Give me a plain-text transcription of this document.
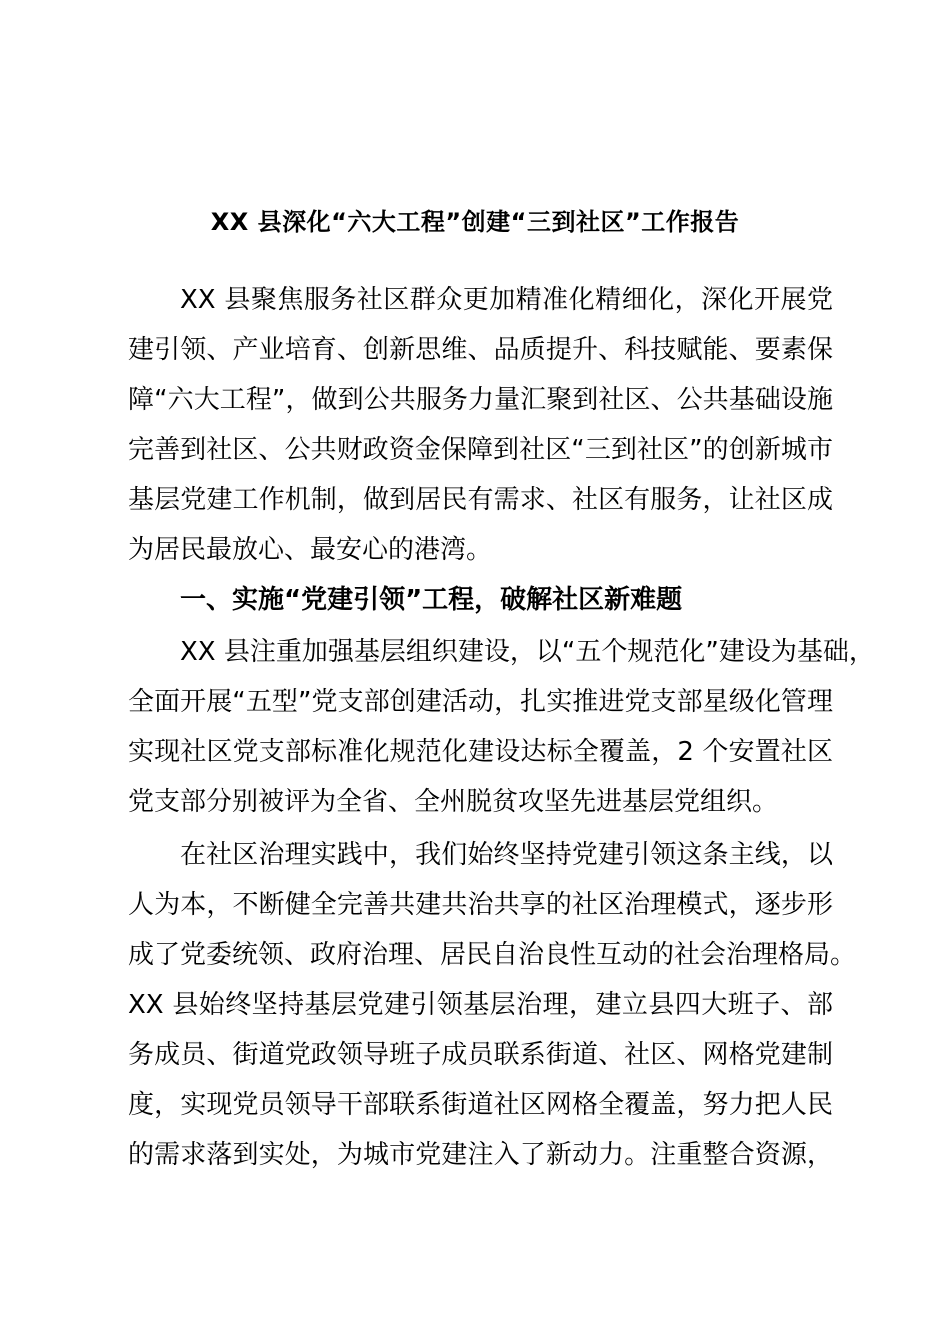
XX 县深化“六大工程”创建“三到社区”工作报告
XX 县聚焦服务社区群众更加精准化精细化，深化开展党
建引领、产业培育、创新思维、品质提升、科技赋能、要素保
障“六大工程”，做到公共服务力量汇聚到社区、公共基础设施
完善到社区、公共财政资金保障到社区“三到社区”的创新城市
基层党建工作机制，做到居民有需求、社区有服务，让社区成
为居民最放心、最安心的港湾。
一、实施“党建引领”工程，破解社区新难题
XX 县注重加强基层组织建设，以“五个规范化”建设为基础，
全面开展“五型”党支部创建活动，扎实推进党支部星级化管理
实现社区党支部标准化规范化建设达标全覆盖，2 个安置社区
党支部分别被评为全省、全州脱贫攻坚先进基层党组织。
在社区治理实践中，我们始终坚持党建引领这条主线，以
人为本，不断健全完善共建共治共享的社区治理模式，逐步形
成了党委统领、政府治理、居民自治良性互动的社会治理格局。
XX 县始终坚持基层党建引领基层治理，建立县四大班子、部
务成员、街道党政领导班子成员联系街道、社区、网格党建制
度，实现党员领导干部联系街道社区网格全覆盖，努力把人民
的需求落到实处，为城市党建注入了新动力。注重整合资源，
